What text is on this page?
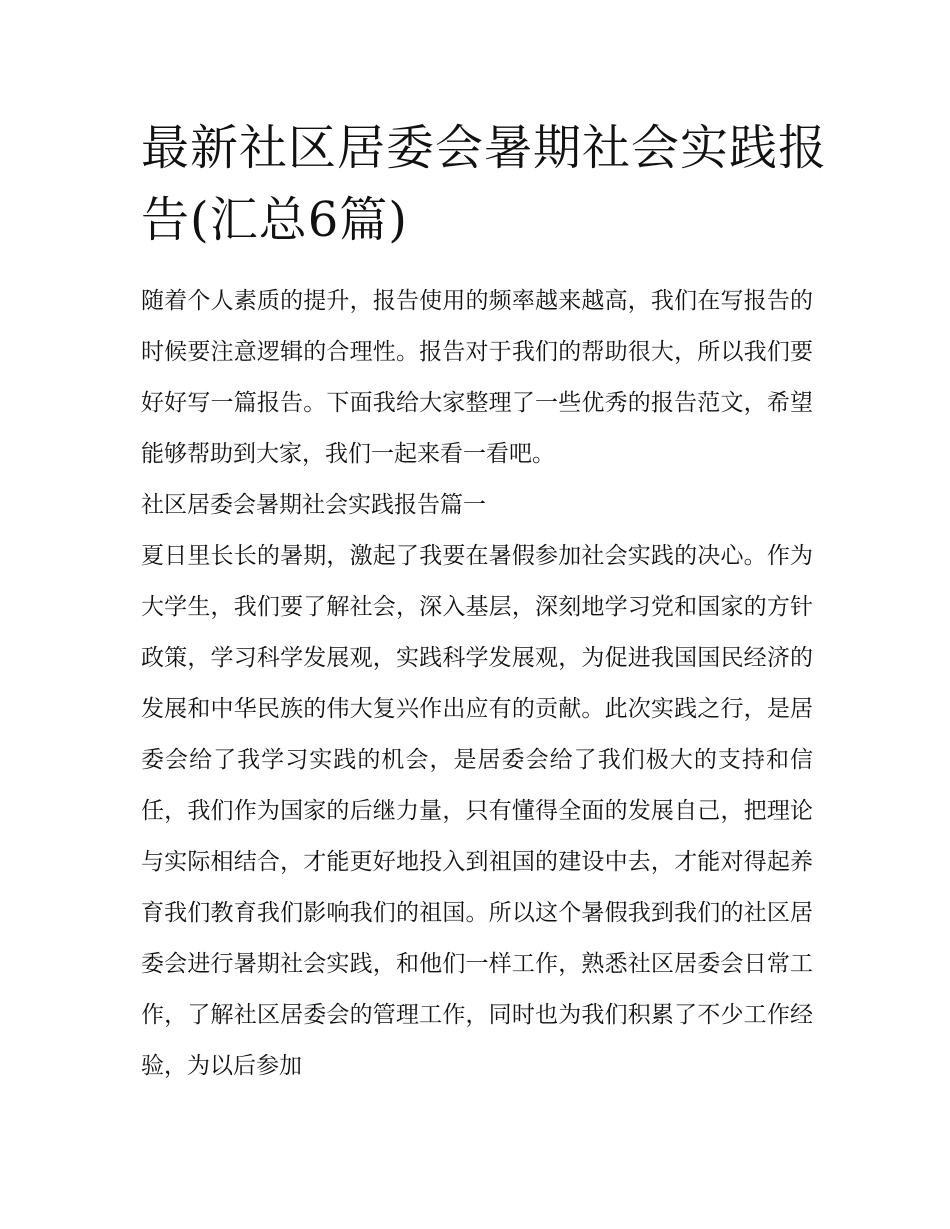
最新社区居委会暑期社会实践报告(汇总6篇)

随着个人素质的提升，报告使用的频率越来越高，我们在写报告的时候要注意逻辑的合理性。报告对于我们的帮助很大，所以我们要好好写一篇报告。下面我给大家整理了一些优秀的报告范文，希望能够帮助到大家，我们一起来看一看吧。

社区居委会暑期社会实践报告篇一

夏日里长长的暑期，激起了我要在暑假参加社会实践的决心。作为大学生，我们要了解社会，深入基层，深刻地学习党和国家的方针政策，学习科学发展观，实践科学发展观，为促进我国国民经济的发展和中华民族的伟大复兴作出应有的贡献。此次实践之行，是居委会给了我学习实践的机会，是居委会给了我们极大的支持和信任，我们作为国家的后继力量，只有懂得全面的发展自己，把理论与实际相结合，才能更好地投入到祖国的建设中去，才能对得起养育我们教育我们影响我们的祖国。所以这个暑假我到我们的社区居委会进行暑期社会实践，和他们一样工作，熟悉社区居委会日常工作，了解社区居委会的管理工作，同时也为我们积累了不少工作经验，为以后参加
